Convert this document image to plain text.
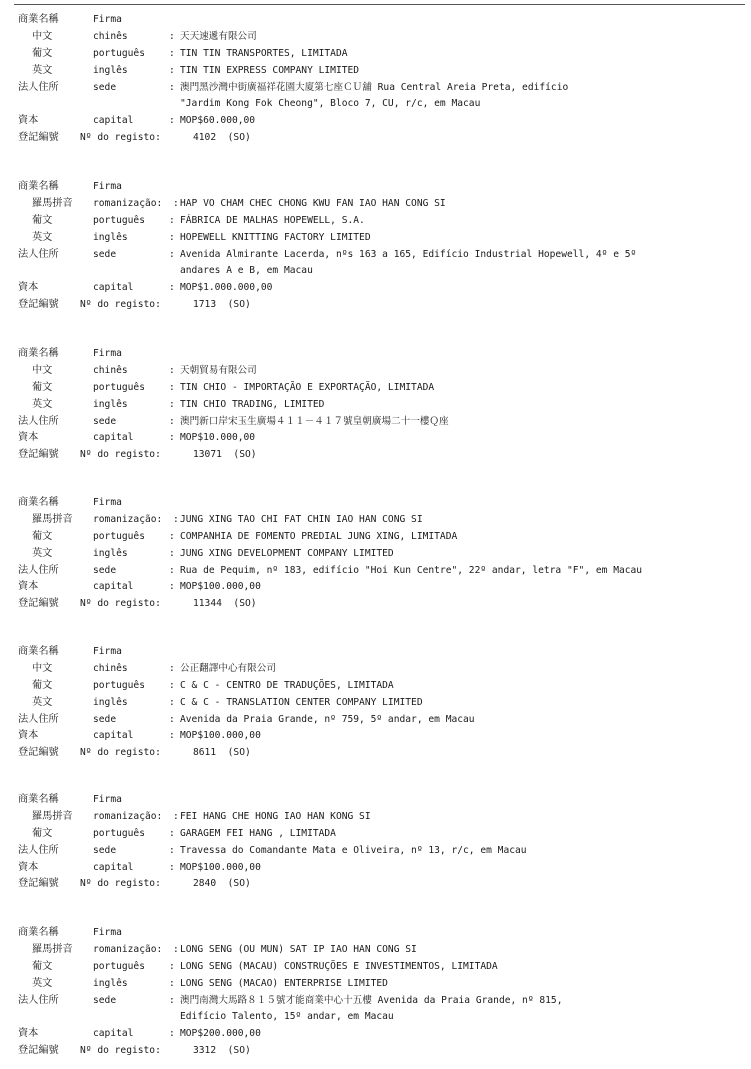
商業名稱	Firma
中文	chinês	: 天天速遞有限公司
葡文	português	: TIN TIN TRANSPORTES, LIMITADA
英文	inglês	: TIN TIN EXPRESS COMPANY LIMITED
法人住所	sede	: 澳門黑沙灣中街廣福祥花園大廈第七座ＣＵ舖 Rua Central Areia Preta, edifício
"Jardim Kong Fok Cheong", Bloco 7, CU, r/c, em Macau
資本	capital	: MOP$60.000,00
登記編號 Nº do registo:	4102  (SO)
商業名稱	Firma
羅馬拼音 romanização: : HAP VO CHAM CHEC CHONG KWU FAN IAO HAN CONG SI
葡文	português	: FÁBRICA DE MALHAS HOPEWELL, S.A.
英文	inglês	: HOPEWELL KNITTING FACTORY LIMITED
法人住所	sede	: Avenida Almirante Lacerda, nºs 163 a 165, Edifício Industrial Hopewell, 4º e 5º
andares A e B, em Macau
資本	capital	: MOP$1.000.000,00
登記編號 Nº do registo:	1713  (SO)
商業名稱	Firma
中文	chinês	: 天朝貿易有限公司
葡文	português	: TIN CHIO - IMPORTAÇÃO E EXPORTAÇÃO, LIMITADA
英文	inglês	: TIN CHIO TRADING, LIMITED
法人住所	sede	: 澳門新口岸宋玉生廣場４１１－４１７號皇朝廣場二十一樓Ｑ座
資本	capital	: MOP$10.000,00
登記編號 Nº do registo:	13071  (SO)
商業名稱	Firma
羅馬拼音 romanização: : JUNG XING TAO CHI FAT CHIN IAO HAN CONG SI
葡文	português	: COMPANHIA DE FOMENTO PREDIAL JUNG XING, LIMITADA
英文	inglês	: JUNG XING DEVELOPMENT COMPANY LIMITED
法人住所	sede	: Rua de Pequim, nº 183, edifício "Hoi Kun Centre", 22º andar, letra "F", em Macau
資本	capital	: MOP$100.000,00
登記編號 Nº do registo:	11344  (SO)
商業名稱	Firma
中文	chinês	: 公正翻譯中心有限公司
葡文	português	: C & C - CENTRO DE TRADUÇÕES, LIMITADA
英文	inglês	: C & C - TRANSLATION CENTER COMPANY LIMITED
法人住所	sede	: Avenida da Praia Grande, nº 759, 5º andar, em Macau
資本	capital	: MOP$100.000,00
登記編號 Nº do registo:	8611  (SO)
商業名稱	Firma
羅馬拼音 romanização: : FEI HANG CHE HONG IAO HAN KONG SI
葡文	português	: GARAGEM FEI HANG , LIMITADA
法人住所	sede	: Travessa do Comandante Mata e Oliveira, nº 13, r/c, em Macau
資本	capital	: MOP$100.000,00
登記編號 Nº do registo:	2840  (SO)
商業名稱	Firma
羅馬拼音 romanização: : LONG SENG (OU MUN) SAT IP IAO HAN CONG SI
葡文	português	: LONG SENG (MACAU) CONSTRUÇÕES E INVESTIMENTOS, LIMITADA
英文	inglês	: LONG SENG (MACAO) ENTERPRISE LIMITED
法人住所	sede	: 澳門南灣大馬路８１５號才能商業中心十五樓 Avenida da Praia Grande, nº 815,
Edifício Talento, 15º andar, em Macau
資本	capital	: MOP$200.000,00
登記編號 Nº do registo:	3312  (SO)
